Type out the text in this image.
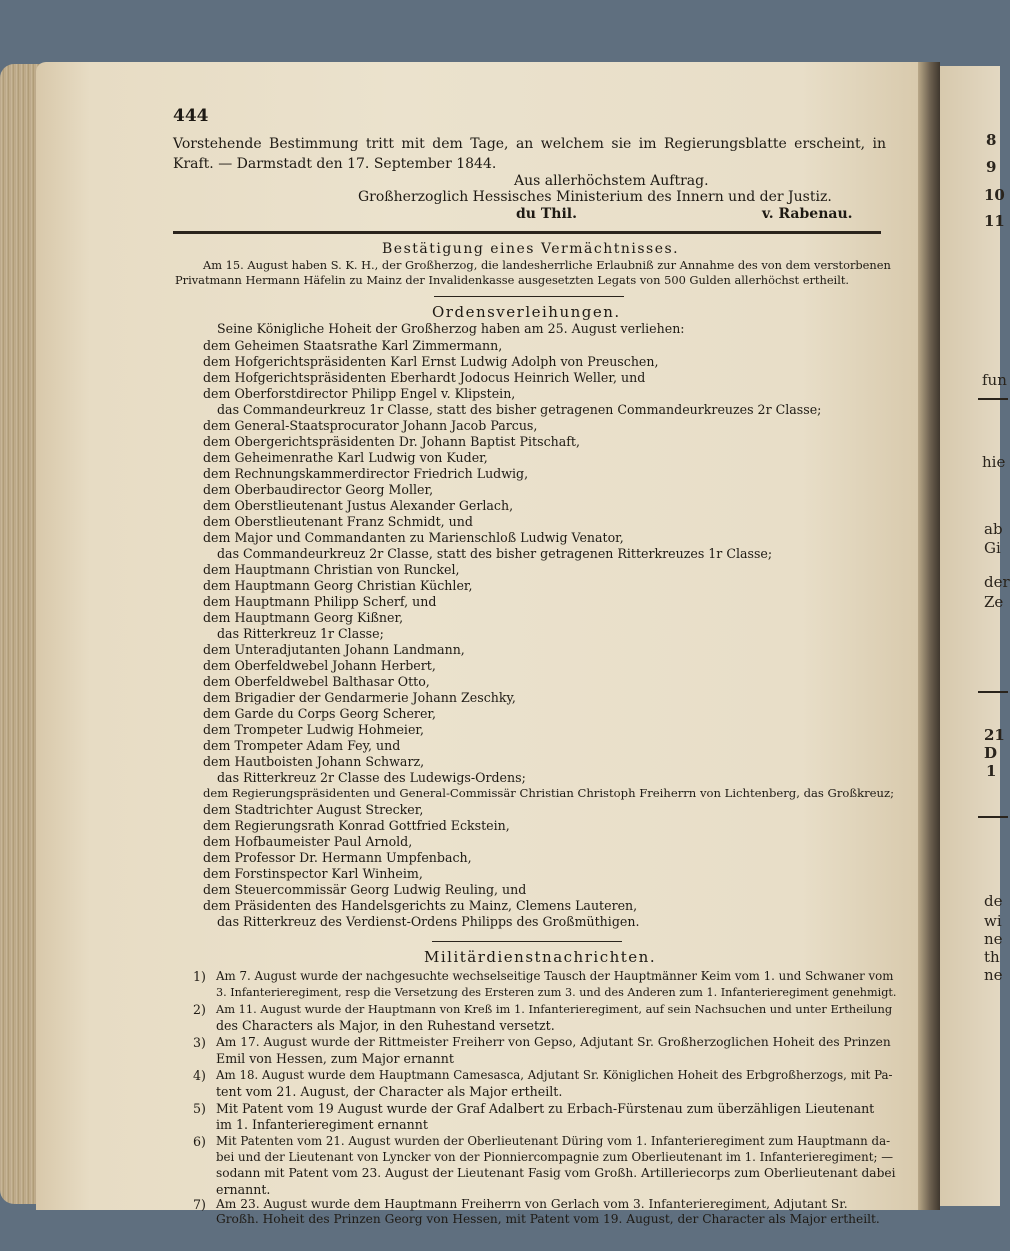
8
9
10
11
fun
hie
ab
Gi
der
Ze
21
D
1
de
wi
ne
th
ne
444
Vorstehende Bestimmung tritt mit dem Tage, an welchem sie im Regierungsblatte erscheint, in
Kraft. — Darmstadt den 17. September 1844.
Aus allerhöchstem Auftrag.
Großherzoglich Hessisches Ministerium des Innern und der Justiz.
du Thil.	v. Rabenau.
Bestätigung eines Vermächtnisses.
Am 15. August haben S. K. H., der Großherzog, die landesherrliche Erlaubniß zur Annahme des von dem verstorbenen
Privatmann Hermann Häfelin zu Mainz der Invalidenkasse ausgesetzten Legats von 500 Gulden allerhöchst ertheilt.
Ordensverleihungen.
Seine Königliche Hoheit der Großherzog haben am 25. August verliehen:
dem Geheimen Staatsrathe Karl Zimmermann,
dem Hofgerichtspräsidenten Karl Ernst Ludwig Adolph von Preuschen,
dem Hofgerichtspräsidenten Eberhardt Jodocus Heinrich Weller, und
dem Oberforstdirector Philipp Engel v. Klipstein,
das Commandeurkreuz 1r Classe, statt des bisher getragenen Commandeurkreuzes 2r Classe;
dem General-Staatsprocurator Johann Jacob Parcus,
dem Obergerichtspräsidenten Dr. Johann Baptist Pitschaft,
dem Geheimenrathe Karl Ludwig von Kuder,
dem Rechnungskammerdirector Friedrich Ludwig,
dem Oberbaudirector Georg Moller,
dem Oberstlieutenant Justus Alexander Gerlach,
dem Oberstlieutenant Franz Schmidt, und
dem Major und Commandanten zu Marienschloß Ludwig Venator,
das Commandeurkreuz 2r Classe, statt des bisher getragenen Ritterkreuzes 1r Classe;
dem Hauptmann Christian von Runckel,
dem Hauptmann Georg Christian Küchler,
dem Hauptmann Philipp Scherf, und
dem Hauptmann Georg Kißner,
das Ritterkreuz 1r Classe;
dem Unteradjutanten Johann Landmann,
dem Oberfeldwebel Johann Herbert,
dem Oberfeldwebel Balthasar Otto,
dem Brigadier der Gendarmerie Johann Zeschky,
dem Garde du Corps Georg Scherer,
dem Trompeter Ludwig Hohmeier,
dem Trompeter Adam Fey, und
dem Hautboisten Johann Schwarz,
das Ritterkreuz 2r Classe des Ludewigs-Ordens;
dem Regierungspräsidenten und General-Commissär Christian Christoph Freiherrn von Lichtenberg, das Großkreuz;
dem Stadtrichter August Strecker,
dem Regierungsrath Konrad Gottfried Eckstein,
dem Hofbaumeister Paul Arnold,
dem Professor Dr. Hermann Umpfenbach,
dem Forstinspector Karl Winheim,
dem Steuercommissär Georg Ludwig Reuling, und
dem Präsidenten des Handelsgerichts zu Mainz, Clemens Lauteren,
das Ritterkreuz des Verdienst-Ordens Philipps des Großmüthigen.
Militärdienstnachrichten.
1) Am 7. August wurde der nachgesuchte wechselseitige Tausch der Hauptmänner Keim vom 1. und Schwaner vom
3. Infanterieregiment, resp die Versetzung des Ersteren zum 3. und des Anderen zum 1. Infanterieregiment genehmigt.
2) Am 11. August wurde der Hauptmann von Kreß im 1. Infanterieregiment, auf sein Nachsuchen und unter Ertheilung
des Characters als Major, in den Ruhestand versetzt.
3) Am 17. August wurde der Rittmeister Freiherr von Gepso, Adjutant Sr. Großherzoglichen Hoheit des Prinzen
Emil von Hessen, zum Major ernannt
4) Am 18. August wurde dem Hauptmann Camesasca, Adjutant Sr. Königlichen Hoheit des Erbgroßherzogs, mit Pa-
tent vom 21. August, der Character als Major ertheilt.
5) Mit Patent vom 19 August wurde der Graf Adalbert zu Erbach-Fürstenau zum überzähligen Lieutenant
im 1. Infanterieregiment ernannt
6) Mit Patenten vom 21. August wurden der Oberlieutenant Düring vom 1. Infanterieregiment zum Hauptmann da-
bei und der Lieutenant von Lyncker von der Pionniercompagnie zum Oberlieutenant im 1. Infanterieregiment; —
sodann mit Patent vom 23. August der Lieutenant Fasig vom Großh. Artilleriecorps zum Oberlieutenant dabei
ernannt.
7) Am 23. August wurde dem Hauptmann Freiherrn von Gerlach vom 3. Infanterieregiment, Adjutant Sr.
Großh. Hoheit des Prinzen Georg von Hessen, mit Patent vom 19. August, der Character als Major ertheilt.
